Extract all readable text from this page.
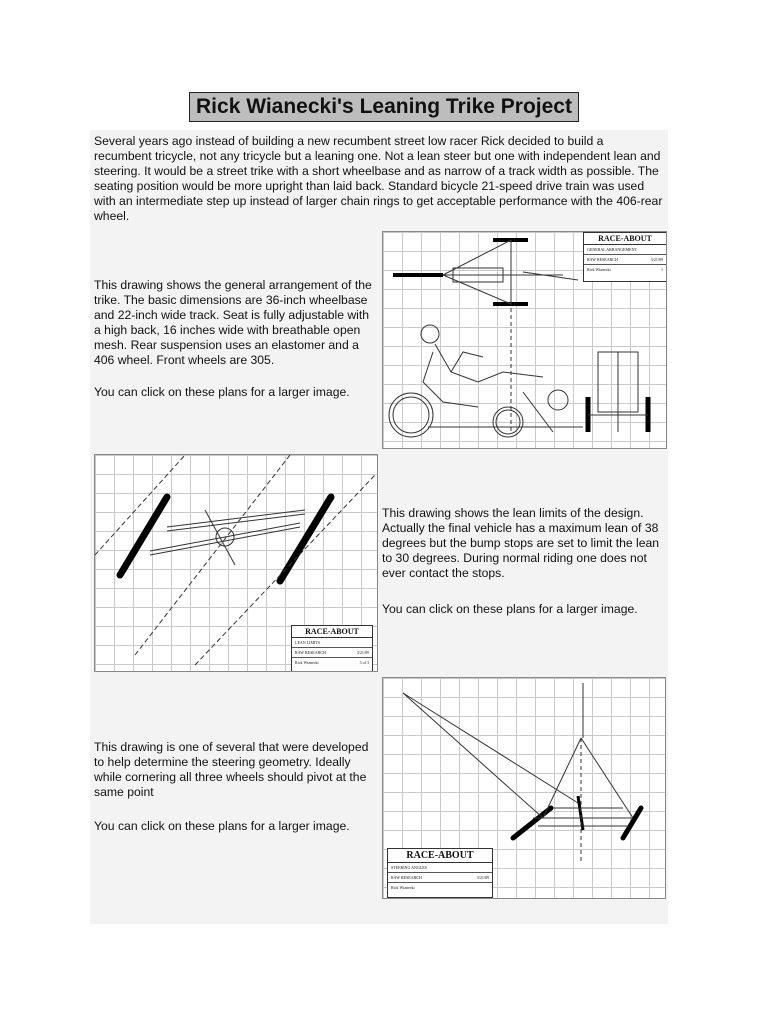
Rick Wianecki's Leaning Trike Project

Several years ago instead of building a new recumbent street low racer Rick decided to build a recumbent tricycle, not any tricycle but a leaning one. Not a lean steer but one with independent lean and steering. It would be a street trike with a short wheelbase and as narrow of a track width as possible. The seating position would be more upright than laid back. Standard bicycle 21-speed drive train was used with an intermediate step up instead of larger chain rings to get acceptable performance with the 406-rear wheel.

This drawing shows the general arrangement of the trike. The basic dimensions are 36-inch wheelbase and 22-inch wide track. Seat is fully adjustable with a high back, 16 inches wide with breathable open mesh. Rear suspension uses an elastomer and a 406 wheel. Front wheels are 305.

You can click on these plans for a larger image.

RACE-ABOUT
GENERAL ARRANGEMENT
RAW RESEARCH	3/21/89
Rick Wianecki	1
RACE-ABOUT
LEAN LIMITS
RAW RESEARCH	3/21/89
Rick Wianecki	3 of 3

This drawing shows the lean limits of the design. Actually the final vehicle has a maximum lean of 38 degrees but the bump stops are set to limit the lean to 30 degrees. During normal riding one does not ever contact the stops.

You can click on these plans for a larger image.

This drawing is one of several that were developed to help determine the steering geometry. Ideally while cornering all three wheels should pivot at the same point

You can click on these plans for a larger image.

RACE-ABOUT
STEERING ANGLES
RAW RESEARCH	3/21/89
Rick Wianecki
